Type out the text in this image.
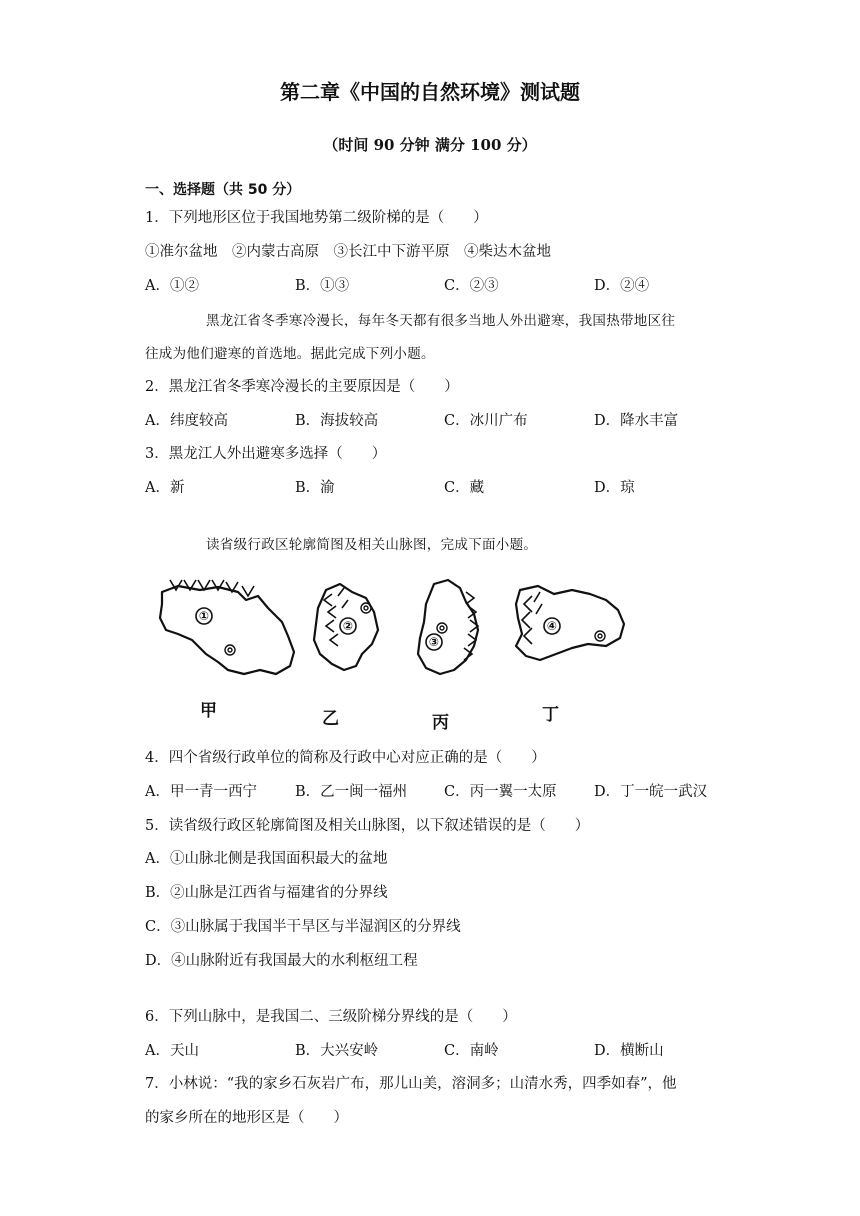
第二章《中国的自然环境》测试题
（时间 90 分钟 满分 100 分）
一、选择题（共 50 分）
1．下列地形区位于我国地势第二级阶梯的是（　　）
①准尔盆地　②内蒙古高原　③长江中下游平原　④柴达木盆地
A．①②	B．①③	C．②③	D．②④
黑龙江省冬季寒冷漫长，每年冬天都有很多当地人外出避寒，我国热带地区往
往成为他们避寒的首选地。据此完成下列小题。
2．黑龙江省冬季寒冷漫长的主要原因是（　　）
A．纬度较高	B．海拔较高	C．冰川广布	D．降水丰富
3．黑龙江人外出避寒多选择（　　）
A．新	B．渝	C．藏	D．琼
读省级行政区轮廓简图及相关山脉图，完成下面小题。
①
②
③
④
甲	乙	丙	丁
4．四个省级行政单位的简称及行政中心对应正确的是（　　）
A．甲一青一西宁	B．乙一闽一福州	C．丙一翼一太原	D．丁一皖一武汉
5．读省级行政区轮廓简图及相关山脉图，以下叙述错误的是（　　）
A．①山脉北侧是我国面积最大的盆地
B．②山脉是江西省与福建省的分界线
C．③山脉属于我国半干旱区与半湿润区的分界线
D．④山脉附近有我国最大的水利枢纽工程
6．下列山脉中，是我国二、三级阶梯分界线的是（　　）
A．天山	B．大兴安岭	C．南岭	D．横断山
7．小林说：“我的家乡石灰岩广布，那儿山美，溶洞多；山清水秀，四季如春”，他
的家乡所在的地形区是（　　）
